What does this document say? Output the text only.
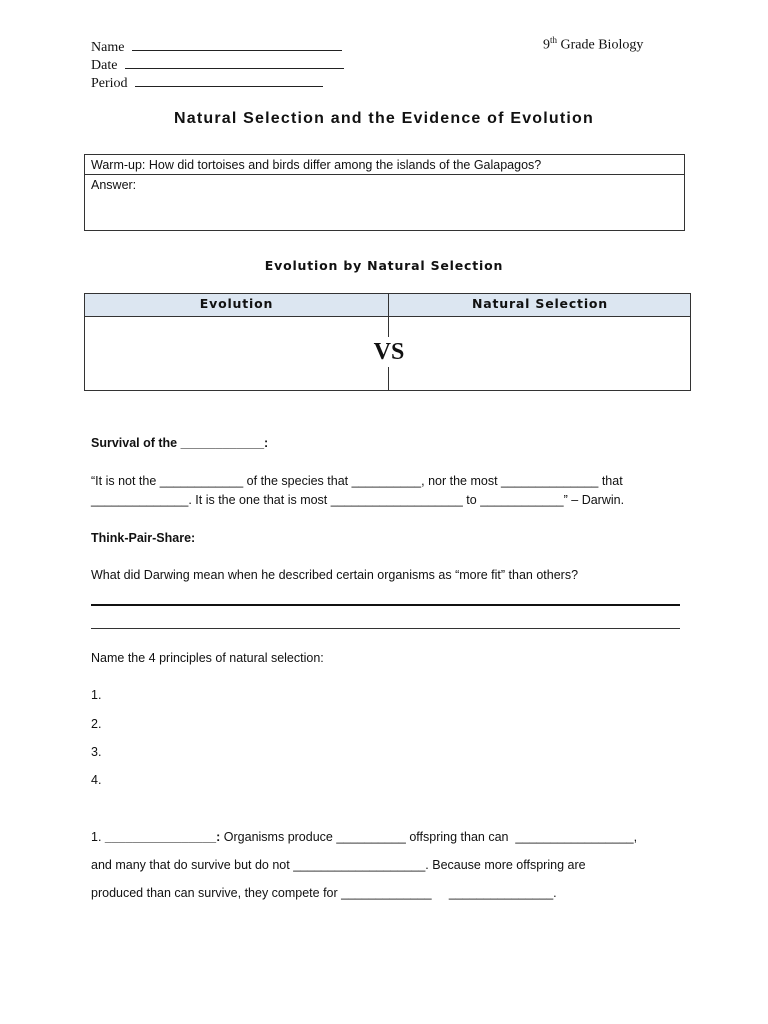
Name
Date
Period
9th Grade Biology
Natural Selection and the Evidence of Evolution
Warm-up: How did tortoises and birds differ among the islands of the Galapagos?
Answer:
Evolution by Natural Selection
Evolution	Natural Selection
VS
Survival of the ____________:
“It is not the ____________ of the species that __________, nor the most ______________ that
______________. It is the one that is most ___________________ to ____________” – Darwin.
Think-Pair-Share:
What did Darwing mean when he described certain organisms as “more fit” than others?
Name the 4 principles of natural selection:
1.
2.
3.
4.
1. ________________: Organisms produce __________ offspring than can  _________________,
and many that do survive but do not ___________________. Because more offspring are
produced than can survive, they compete for _____________     _______________.
